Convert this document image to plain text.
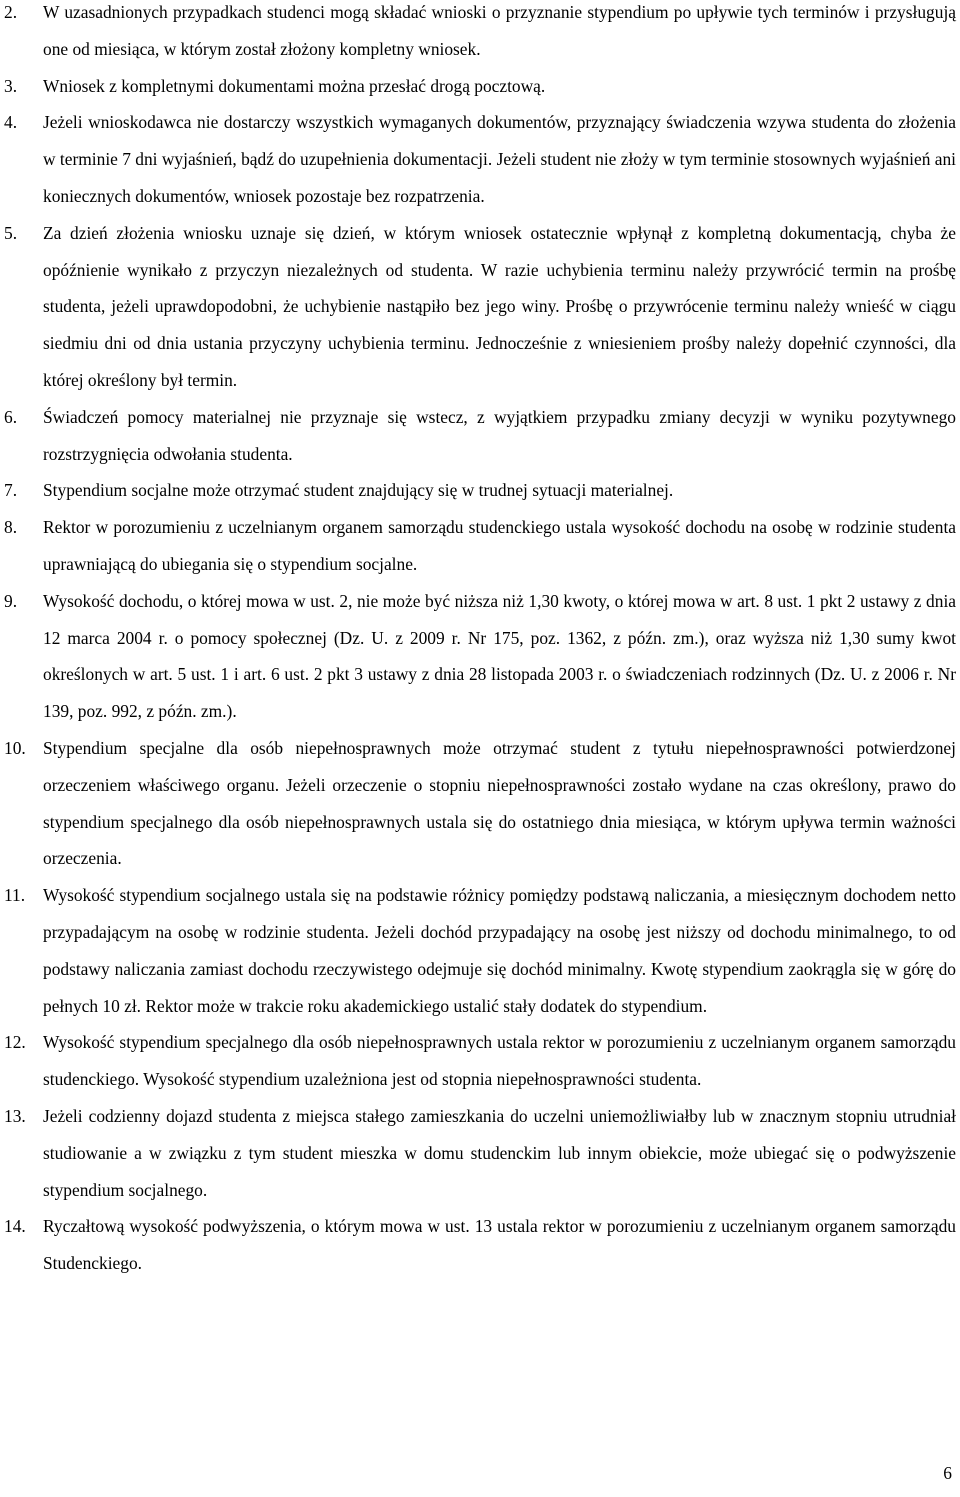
2. W uzasadnionych przypadkach studenci mogą składać wnioski o przyznanie stypendium po upływie tych terminów i przysługują one od miesiąca, w którym został złożony kompletny wniosek.
3. Wniosek z kompletnymi dokumentami można przesłać drogą pocztową.
4. Jeżeli wnioskodawca nie dostarczy wszystkich wymaganych dokumentów, przyznający świadczenia wzywa studenta do złożenia w terminie 7 dni wyjaśnień, bądź do uzupełnienia dokumentacji. Jeżeli student nie złoży w tym terminie stosownych wyjaśnień ani koniecznych dokumentów, wniosek pozostaje bez rozpatrzenia.
5. Za dzień złożenia wniosku uznaje się dzień, w którym wniosek ostatecznie wpłynął z kompletną dokumentacją, chyba że opóźnienie wynikało z przyczyn niezależnych od studenta. W razie uchybienia terminu należy przywrócić termin na prośbę studenta, jeżeli uprawdopodobni, że uchybienie nastąpiło bez jego winy. Prośbę o przywrócenie terminu należy wnieść w ciągu siedmiu dni od dnia ustania przyczyny uchybienia terminu. Jednocześnie z wniesieniem prośby należy dopełnić czynności, dla której określony był termin.
6. Świadczeń pomocy materialnej nie przyznaje się wstecz, z wyjątkiem przypadku zmiany decyzji w wyniku pozytywnego rozstrzygnięcia odwołania studenta.
7. Stypendium socjalne może otrzymać student znajdujący się w trudnej sytuacji materialnej.
8. Rektor w porozumieniu z uczelnianym organem samorządu studenckiego ustala wysokość dochodu na osobę w rodzinie studenta uprawniającą do ubiegania się o stypendium socjalne.
9. Wysokość dochodu, o której mowa w ust. 2, nie może być niższa niż 1,30 kwoty, o której mowa w art. 8 ust. 1 pkt 2 ustawy z dnia 12 marca 2004 r. o pomocy społecznej (Dz. U. z 2009 r. Nr 175, poz. 1362, z późn. zm.), oraz wyższa niż 1,30 sumy kwot określonych w art. 5 ust. 1 i art. 6 ust. 2 pkt 3 ustawy z dnia 28 listopada 2003 r. o świadczeniach rodzinnych (Dz. U. z 2006 r. Nr 139, poz. 992, z późn. zm.).
10. Stypendium specjalne dla osób niepełnosprawnych może otrzymać student z tytułu niepełnosprawności potwierdzonej orzeczeniem właściwego organu. Jeżeli orzeczenie o stopniu niepełnosprawności zostało wydane na czas określony, prawo do stypendium specjalnego dla osób niepełnosprawnych ustala się do ostatniego dnia miesiąca, w którym upływa termin ważności orzeczenia.
11. Wysokość stypendium socjalnego ustala się na podstawie różnicy pomiędzy podstawą naliczania, a miesięcznym dochodem netto przypadającym na osobę w rodzinie studenta. Jeżeli dochód przypadający na osobę jest niższy od dochodu minimalnego, to od podstawy naliczania zamiast dochodu rzeczywistego odejmuje się dochód minimalny. Kwotę stypendium zaokrągla się w górę do pełnych 10 zł. Rektor może w trakcie roku akademickiego ustalić stały dodatek do stypendium.
12. Wysokość stypendium specjalnego dla osób niepełnosprawnych ustala rektor w porozumieniu z uczelnianym organem samorządu studenckiego. Wysokość stypendium uzależniona jest od stopnia niepełnosprawności studenta.
13. Jeżeli codzienny dojazd studenta z miejsca stałego zamieszkania do uczelni uniemożliwiałby lub w znacznym stopniu utrudniał studiowanie a w związku z tym student mieszka w domu studenckim lub innym obiekcie, może ubiegać się o podwyższenie stypendium socjalnego.
14. Ryczałtową wysokość podwyższenia, o którym mowa w ust. 13 ustala rektor w porozumieniu z uczelnianym organem samorządu Studenckiego.
6
